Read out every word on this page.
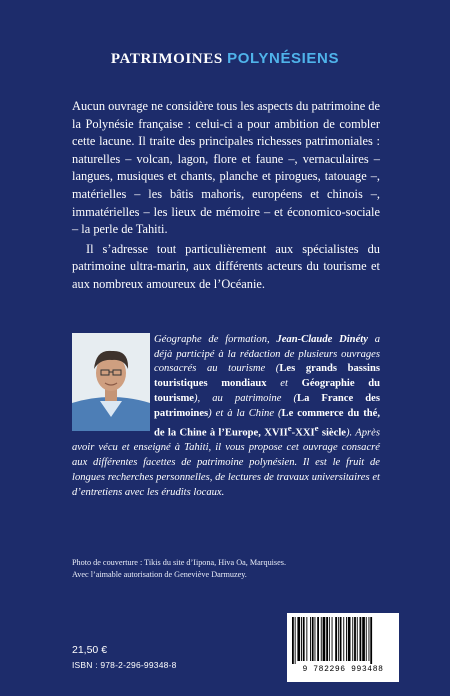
PATRIMOINES POLYNÉSIENS

Aucun ouvrage ne considère tous les aspects du patrimoine de la Polynésie française : celui-ci a pour ambition de combler cette lacune. Il traite des principales richesses patrimoniales : naturelles – volcan, lagon, flore et faune –, vernaculaires – langues, musiques et chants, planche et pirogues, tatouage –, matérielles – les bâtis mahoris, européens et chinois –, immatérielles – les lieux de mémoire – et économico-sociale – la perle de Tahiti.

Il s’adresse tout particulièrement aux spécialistes du patrimoine ultra-marin, aux différents acteurs du tourisme et aux nombreux amoureux de l’Océanie.

Géographe de formation, Jean-Claude Dinéty a déjà participé à la rédaction de plusieurs ouvrages consacrés au tourisme (Les grands bassins touristiques mondiaux et Géographie du tourisme), au patrimoine (La France des patrimoines) et à la Chine (Le commerce du thé, de la Chine à l’Europe, XVIIe-XXIe siècle). Après avoir vécu et enseigné à Tahiti, il vous propose cet ouvrage consacré aux différentes facettes de patrimoine polynésien. Il est le fruit de longues recherches personnelles, de lectures de travaux universitaires et d’entretiens avec les érudits locaux.
Photo de couverture : Tikis du site d’Iipona, Hiva Oa, Marquises.
Avec l’aimable autorisation de Geneviève Darmuzey.
21,50 €
ISBN : 978-2-296-99348-8	9 782296 993488
